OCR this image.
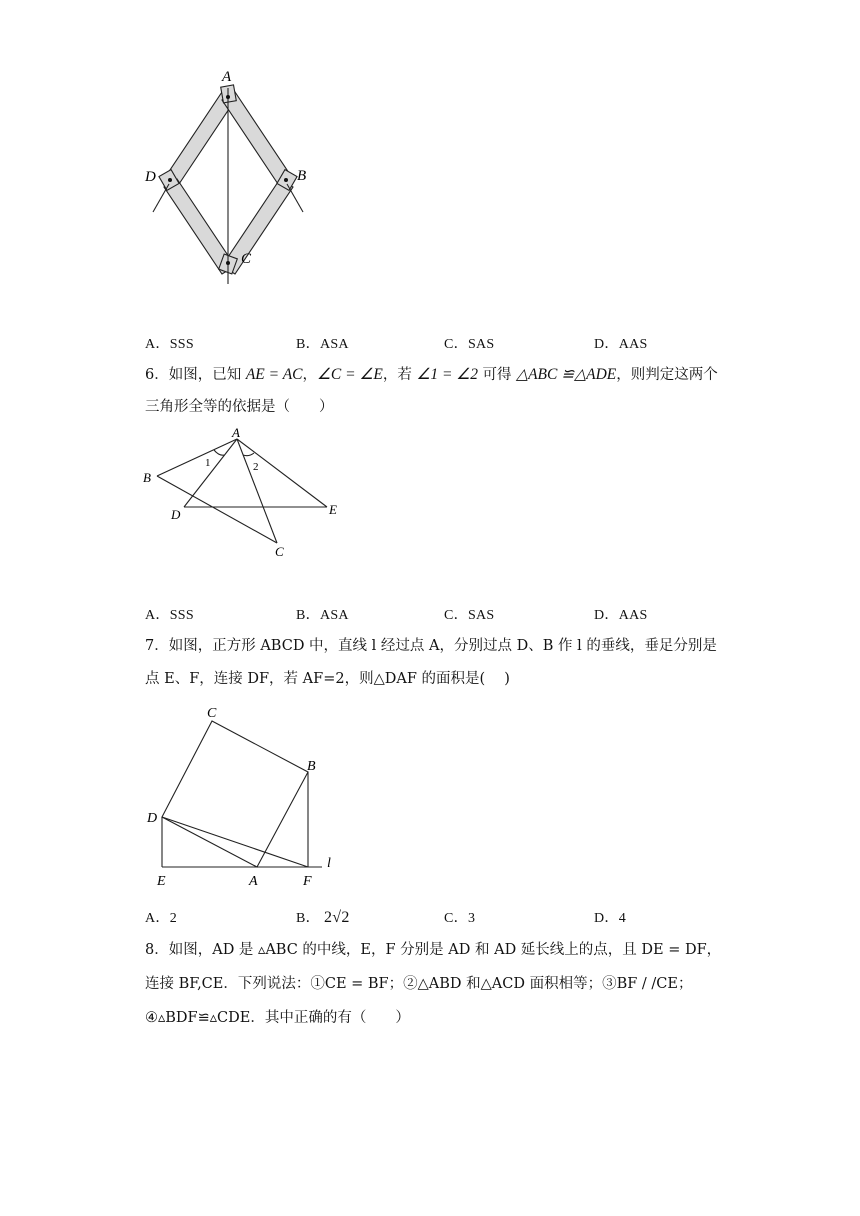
A
D	B
C
A．SSS	B．ASA	C．SAS	D．AAS
6．如图，已知 AE = AC，∠C = ∠E，若 ∠1 = ∠2 可得 △ABC ≌△ADE，则判定这两个
三角形全等的依据是（　　）
A
B
D	E
C
1	2
A．SSS	B．ASA	C．SAS	D．AAS
7．如图，正方形 ABCD 中，直线 l 经过点 A，分别过点 D、B 作 l 的垂线，垂足分别是
点 E、F，连接 DF，若 AF=2，则△DAF 的面积是(　 )
C
B
D
E	A	F
l
A．2	B． 2√2	C．3	D．4
8．如图，AD 是 ▵ABC 的中线，E，F 分别是 AD 和 AD 延长线上的点，且 DE = DF，
连接 BF,CE．下列说法：①CE = BF；②△ABD 和△ACD 面积相等；③BF / /CE；
④▵BDF≌▵CDE．其中正确的有（　　）
